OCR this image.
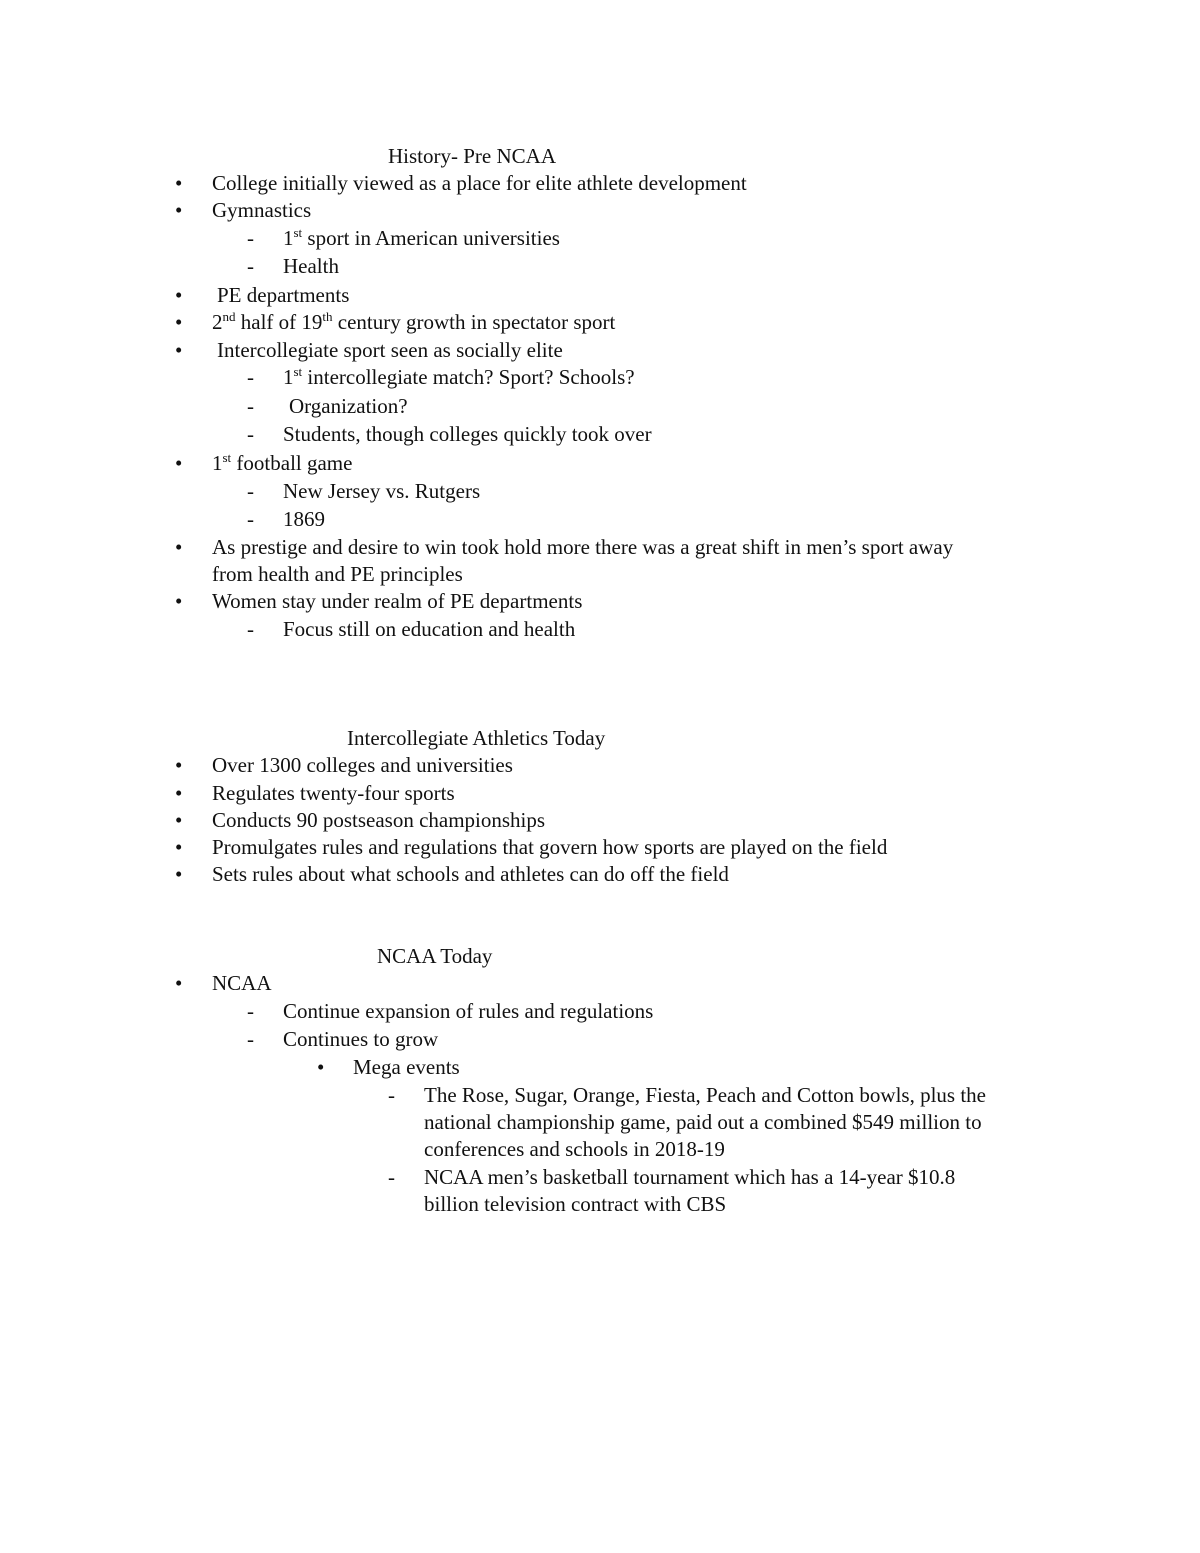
History- Pre NCAA
• College initially viewed as a place for elite athlete development
• Gymnastics
- 1st sport in American universities
- Health
• PE departments
• 2nd half of 19th century growth in spectator sport
• Intercollegiate sport seen as socially elite
- 1st intercollegiate match? Sport? Schools?
- Organization?
- Students, though colleges quickly took over
• 1st football game
- New Jersey vs. Rutgers
- 1869
• As prestige and desire to win took hold more there was a great shift in men’s sport away
from health and PE principles
• Women stay under realm of PE departments
- Focus still on education and health
Intercollegiate Athletics Today
• Over 1300 colleges and universities
• Regulates twenty-four sports
• Conducts 90 postseason championships
• Promulgates rules and regulations that govern how sports are played on the field
• Sets rules about what schools and athletes can do off the field
NCAA Today
• NCAA
- Continue expansion of rules and regulations
- Continues to grow
• Mega events
- The Rose, Sugar, Orange, Fiesta, Peach and Cotton bowls, plus the
national championship game, paid out a combined $549 million to
conferences and schools in 2018-19
- NCAA men’s basketball tournament which has a 14-year $10.8
billion television contract with CBS
